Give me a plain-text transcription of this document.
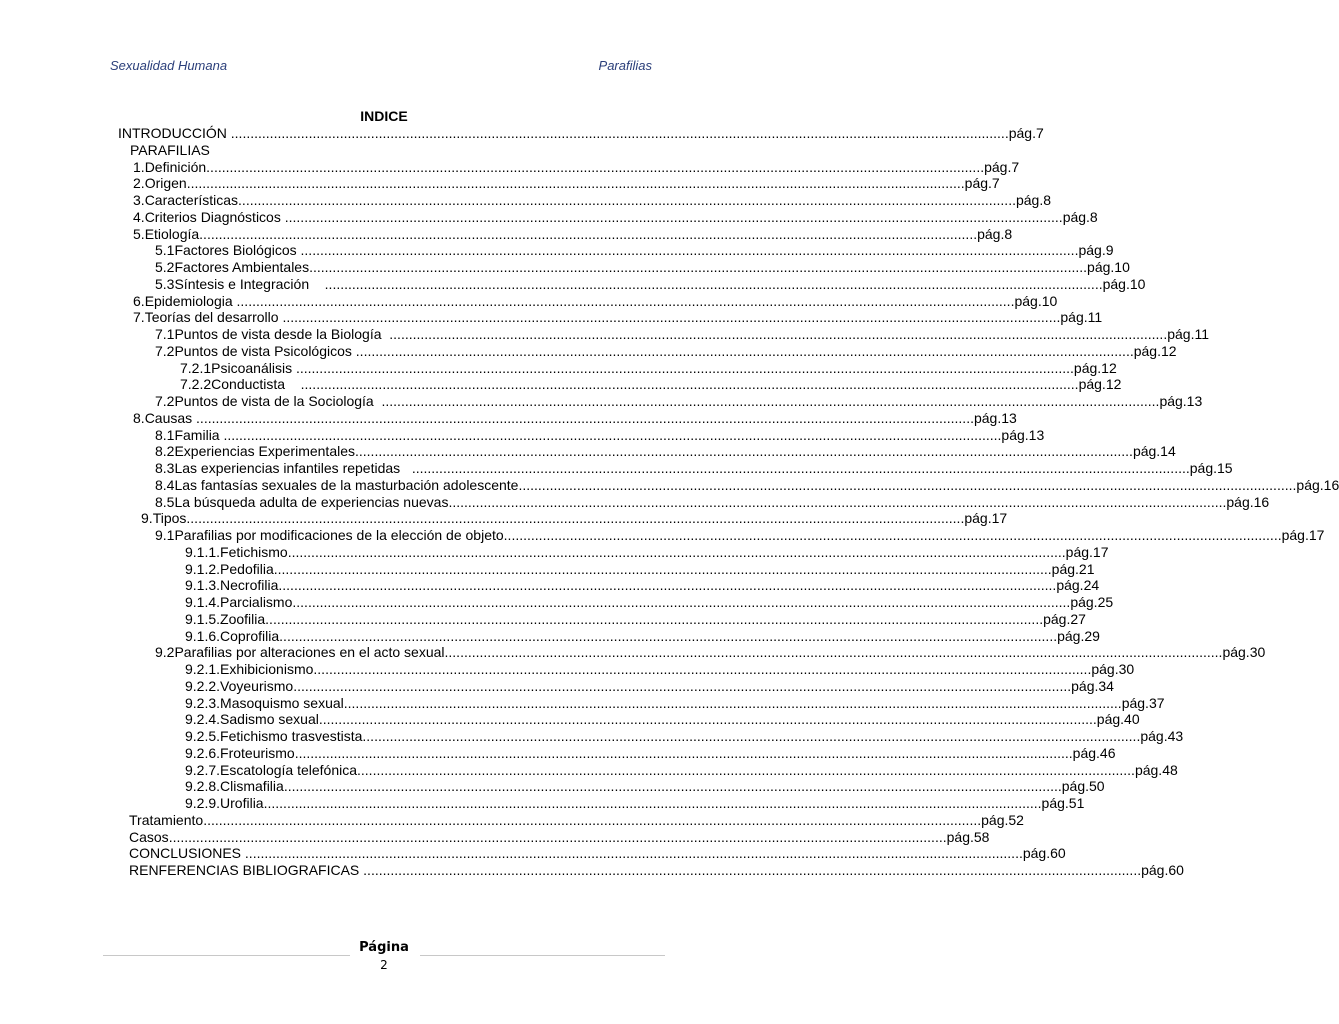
Sexualidad Humana	Parafilias
INDICE
INTRODUCCIÓN ........................................................................................................................................................................................................ pág.7
PARAFILIAS
1. Definición ........................................................................................................................................................................................................ pág.7
2. Origen ........................................................................................................................................................................................................ pág.7
3. Características ........................................................................................................................................................................................................ pág.8
4. Criterios Diagnósticos ........................................................................................................................................................................................................ pág.8
5. Etiología ........................................................................................................................................................................................................ pág.8
5.1 Factores Biológicos ........................................................................................................................................................................................................ pág.9
5.2 Factores Ambientales ........................................................................................................................................................................................................ pág.10
5.3 Síntesis e Integración ........................................................................................................................................................................................................ pág.10
6. Epidemiologia ........................................................................................................................................................................................................ pág.10
7. Teorías del desarrollo ........................................................................................................................................................................................................ pág.11
7.1 Puntos de vista desde la Biología ........................................................................................................................................................................................................ pág.11
7.2 Puntos de vista Psicológicos ........................................................................................................................................................................................................ pág.12
7.2.1 Psicoanálisis ........................................................................................................................................................................................................ pág.12
7.2.2 Conductista ........................................................................................................................................................................................................ pág.12
7.2 Puntos de vista de la Sociología ........................................................................................................................................................................................................ pág.13
8. Causas ........................................................................................................................................................................................................ pág.13
8.1 Familia ........................................................................................................................................................................................................ pág.13
8.2 Experiencias Experimentales ........................................................................................................................................................................................................ pág.14
8.3 Las experiencias infantiles repetidas ........................................................................................................................................................................................................ pág.15
8.4 Las fantasías sexuales de la masturbación adolescente ........................................................................................................................................................................................................ pág.16
8.5 La búsqueda adulta de experiencias nuevas ........................................................................................................................................................................................................ pág.16
9. Tipos ........................................................................................................................................................................................................ pág.17
9.1 Parafilias por modificaciones de la elección de objeto ........................................................................................................................................................................................................ pág.17
9.1.1. Fetichismo ........................................................................................................................................................................................................ pág.17
9.1.2. Pedofilia ........................................................................................................................................................................................................ pág.21
9.1.3. Necrofilia ........................................................................................................................................................................................................ pág.24
9.1.4. Parcialismo ........................................................................................................................................................................................................ pág.25
9.1.5. Zoofilia ........................................................................................................................................................................................................ pág.27
9.1.6. Coprofilia ........................................................................................................................................................................................................ pág.29
9.2 Parafilias por alteraciones en el acto sexual ........................................................................................................................................................................................................ pág.30
9.2.1. Exhibicionismo ........................................................................................................................................................................................................ pág.30
9.2.2. Voyeurismo ........................................................................................................................................................................................................ pág.34
9.2.3. Masoquismo sexual ........................................................................................................................................................................................................ pág.37
9.2.4. Sadismo sexual ........................................................................................................................................................................................................ pág.40
9.2.5. Fetichismo trasvestista ........................................................................................................................................................................................................ pág.43
9.2.6. Froteurismo ........................................................................................................................................................................................................ pág.46
9.2.7. Escatología telefónica ........................................................................................................................................................................................................ pág.48
9.2.8. Clismafilia ........................................................................................................................................................................................................ pág.50
9.2.9. Urofilia ........................................................................................................................................................................................................ pág.51
Tratamiento ........................................................................................................................................................................................................ pág.52
Casos ........................................................................................................................................................................................................ pág.58
CONCLUSIONES ........................................................................................................................................................................................................ pág.60
RENFERENCIAS BIBLIOGRAFICAS ........................................................................................................................................................................................................ pág.60
Página
2
